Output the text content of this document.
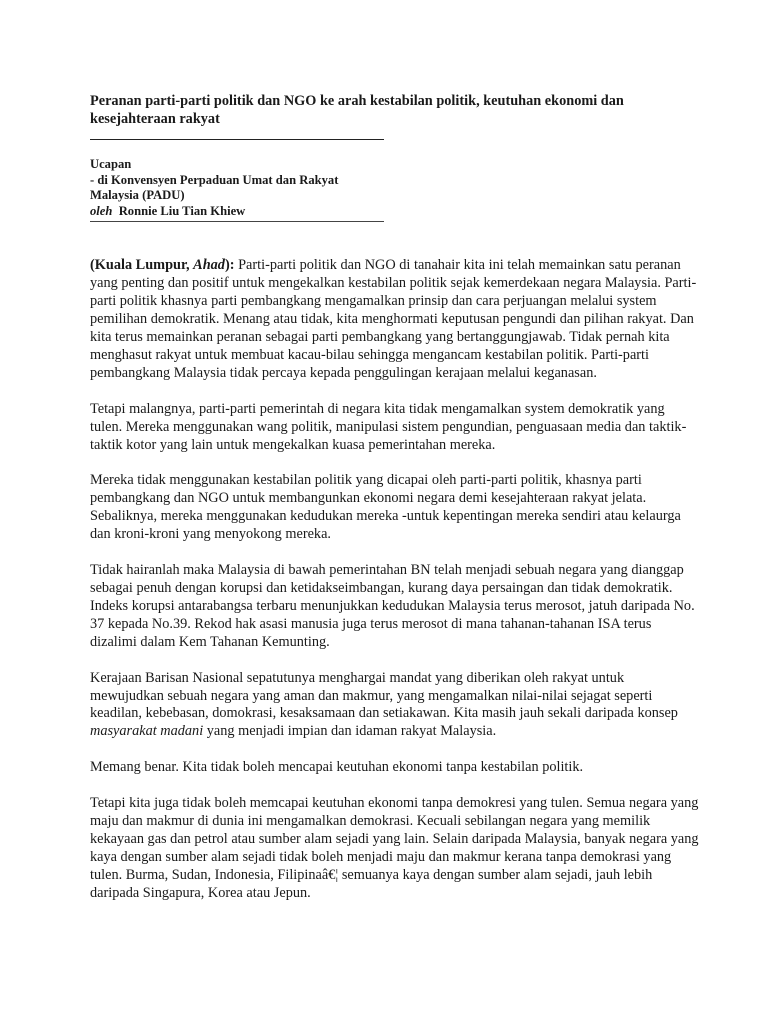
Peranan parti-parti politik dan NGO ke arah kestabilan politik, keutuhan ekonomi dan kesejahteraan rakyat
Ucapan
- di Konvensyen Perpaduan Umat dan Rakyat Malaysia (PADU)
oleh Ronnie Liu Tian Khiew

(Kuala Lumpur, Ahad): Parti-parti politik dan NGO di tanahair kita ini telah memainkan satu peranan yang penting dan positif untuk mengekalkan kestabilan politik sejak kemerdekaan negara Malaysia. Parti-parti politik khasnya parti pembangkang mengamalkan prinsip dan cara perjuangan melalui system pemilihan demokratik. Menang atau tidak, kita menghormati keputusan pengundi dan pilihan rakyat. Dan kita terus memainkan peranan sebagai parti pembangkang yang bertanggungjawab. Tidak pernah kita menghasut rakyat untuk membuat kacau-bilau sehingga mengancam kestabilan politik. Parti-parti pembangkang Malaysia tidak percaya kepada penggulingan kerajaan melalui keganasan.

Tetapi malangnya, parti-parti pemerintah di negara kita tidak mengamalkan system demokratik yang tulen. Mereka menggunakan wang politik, manipulasi sistem pengundian, penguasaan media dan taktik-taktik kotor yang lain untuk mengekalkan kuasa pemerintahan mereka.

Mereka tidak menggunakan kestabilan politik yang dicapai oleh parti-parti politik, khasnya parti pembangkang dan NGO untuk membangunkan ekonomi negara demi kesejahteraan rakyat jelata. Sebaliknya, mereka menggunakan kedudukan mereka -untuk kepentingan mereka sendiri atau kelaurga dan kroni-kroni yang menyokong mereka.

Tidak hairanlah maka Malaysia di bawah pemerintahan BN telah menjadi sebuah negara yang dianggap sebagai penuh dengan korupsi dan ketidakseimbangan, kurang daya persaingan dan tidak demokratik. Indeks korupsi antarabangsa terbaru menunjukkan kedudukan Malaysia terus merosot, jatuh daripada No. 37 kepada No.39. Rekod hak asasi manusia juga terus merosot di mana tahanan-tahanan ISA terus dizalimi dalam Kem Tahanan Kemunting.

Kerajaan Barisan Nasional sepatutunya menghargai mandat yang diberikan oleh rakyat untuk mewujudkan sebuah negara yang aman dan makmur, yang mengamalkan nilai-nilai sejagat seperti keadilan, kebebasan, domokrasi, kesaksamaan dan setiakawan. Kita masih jauh sekali daripada konsep masyarakat madani yang menjadi impian dan idaman rakyat Malaysia.

Memang benar. Kita tidak boleh mencapai keutuhan ekonomi tanpa kestabilan politik.

Tetapi kita juga tidak boleh memcapai keutuhan ekonomi tanpa demokresi yang tulen. Semua negara yang maju dan makmur di dunia ini mengamalkan demokrasi. Kecuali sebilangan negara yang memilik kekayaan gas dan petrol atau sumber alam sejadi yang lain. Selain daripada Malaysia, banyak negara yang kaya dengan sumber alam sejadi tidak boleh menjadi maju dan makmur kerana tanpa demokrasi yang tulen. Burma, Sudan, Indonesia, Filipinaâ€¦ semuanya kaya dengan sumber alam sejadi, jauh lebih daripada Singapura, Korea atau Jepun.
